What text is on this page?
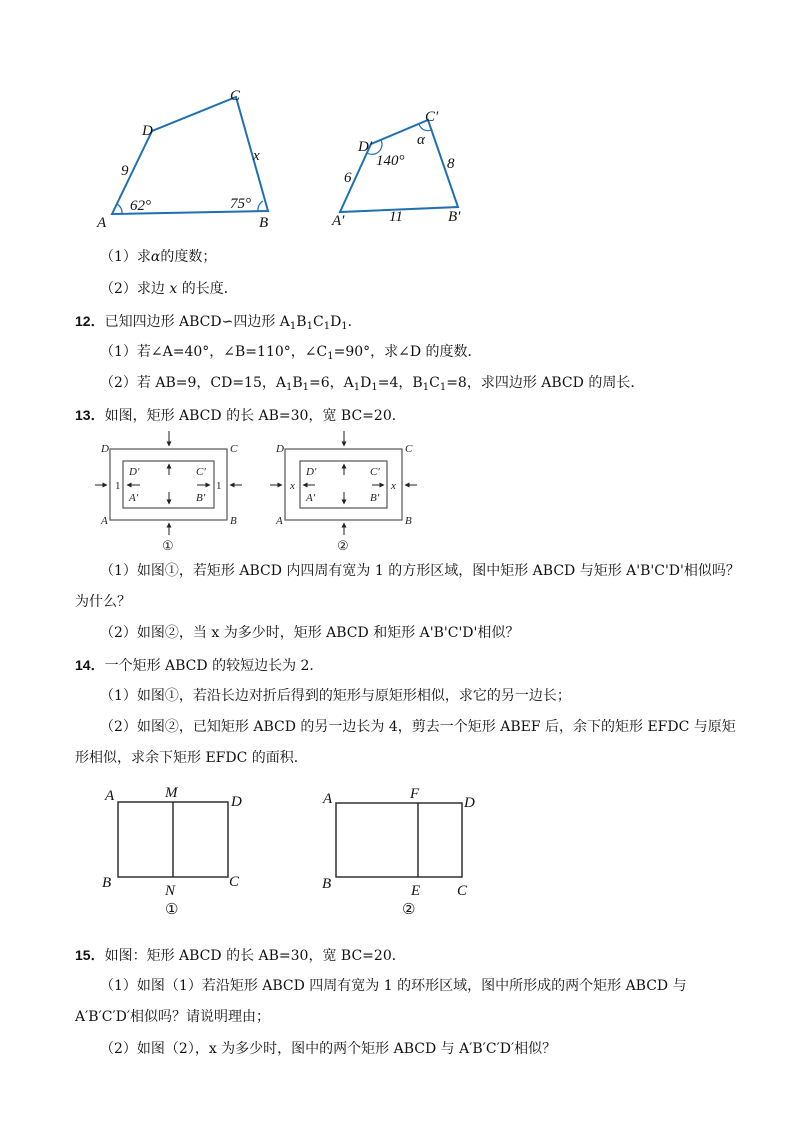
A	B
C
D
9
x
62°	75°
A′	B′
C′
D′
6
11
8
140°
α
（1）求α的度数；
（2）求边 x 的长度．
12．已知四边形 ABCD∽四边形 $A_1B_1C_1D_1$．
（1）若∠A=40°，∠B=110°，$\angle C_1=90^\circ$，求∠D 的度数．
（2）若 AB=9，CD=15，$A_1B_1=6$，$A_1D_1=4$，$B_1C_1=8$，求四边形 ABCD 的周长．
13．如图，矩形 ABCD 的长 AB=30，宽 BC=20．
D	C
A	B
D′	C′
A′	B′
1	1
①
D	C
A	B
D′	C′
A′	B′
x	x
②
（1）如图①，若矩形 ABCD 内四周有宽为 1 的方形区域，图中矩形 ABCD 与矩形 A'B'C'D'相似吗？
为什么？
（2）如图②，当 x 为多少时，矩形 ABCD 和矩形 A'B'C'D'相似？
14．一个矩形 ABCD 的较短边长为 2．
（1）如图①，若沿长边对折后得到的矩形与原矩形相似，求它的另一边长；
（2）如图②，已知矩形 ABCD 的另一边长为 4，剪去一个矩形 ABEF 后，余下的矩形 EFDC 与原矩
形相似，求余下矩形 EFDC 的面积．
A	M
D
B	N
C
①
A	F
D
B	E C
②
15．如图：矩形 ABCD 的长 AB=30，宽 BC=20．
（1）如图（1）若沿矩形 ABCD 四周有宽为 1 的环形区域，图中所形成的两个矩形 ABCD 与
A′B′C′D′相似吗？请说明理由；
（2）如图（2），x 为多少时，图中的两个矩形 ABCD 与 A′B′C′D′相似？
